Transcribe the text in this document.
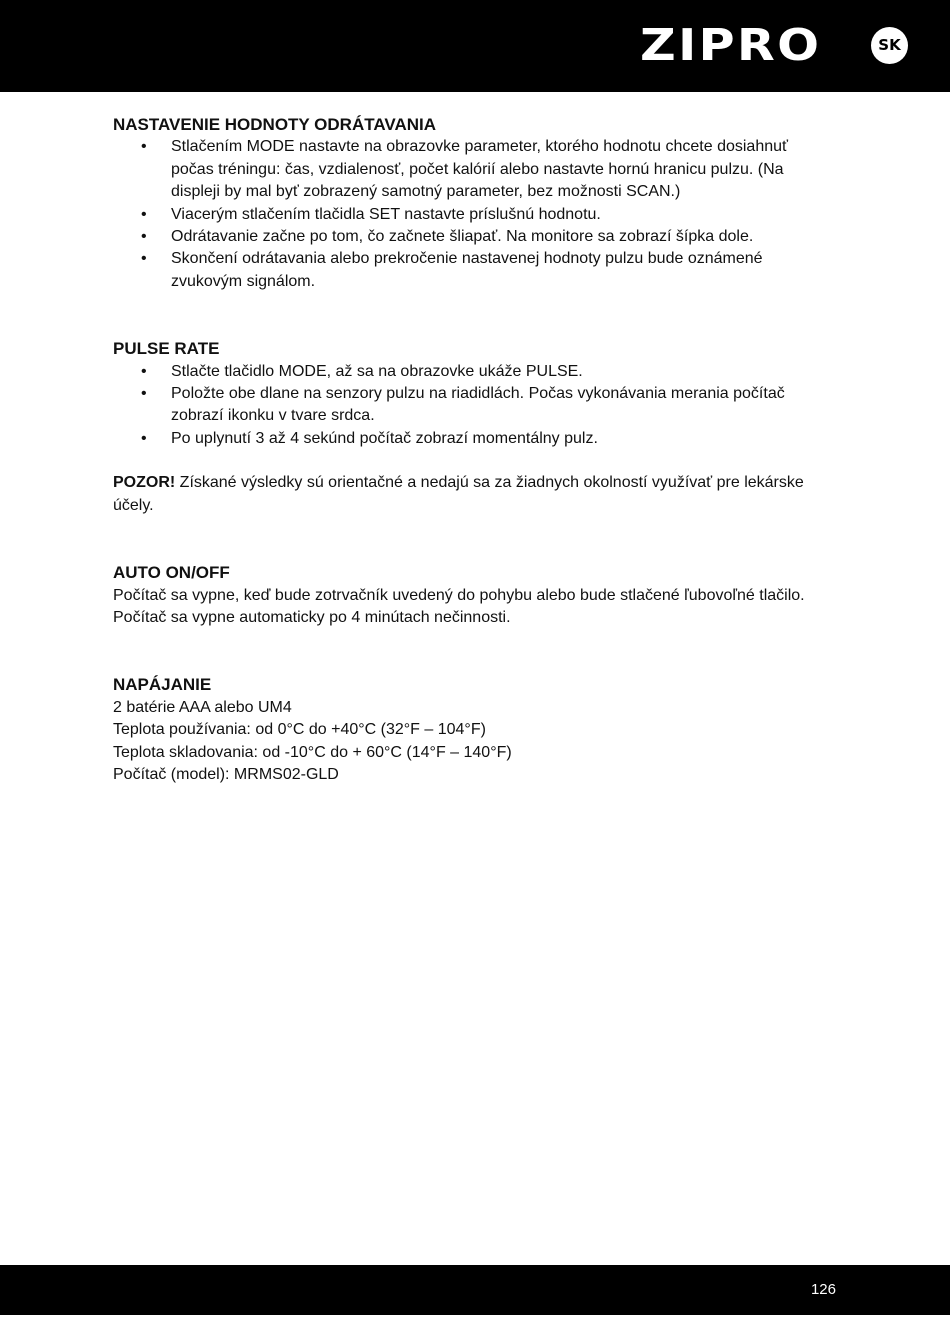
ZIPRO	SK
NASTAVENIE HODNOTY ODRÁTAVANIA
• Stlačením MODE nastavte na obrazovke parameter, ktorého hodnotu chcete dosiahnuť počas tréningu: čas, vzdialenosť, počet kalórií alebo nastavte hornú hranicu pulzu. (Na displeji by mal byť zobrazený samotný parameter, bez možnosti SCAN.)
• Viacerým stlačením tlačidla SET nastavte príslušnú hodnotu.
• Odrátavanie začne po tom, čo začnete šliapať. Na monitore sa zobrazí šípka dole.
• Skončení odrátavania alebo prekročenie nastavenej hodnoty pulzu bude oznámené zvukovým signálom.
PULSE RATE
• Stlačte tlačidlo MODE, až sa na obrazovke ukáže PULSE.
• Položte obe dlane na senzory pulzu na riadidlách. Počas vykonávania merania počítač zobrazí ikonku v tvare srdca.
• Po uplynutí 3 až 4 sekúnd počítač zobrazí momentálny pulz.

POZOR! Získané výsledky sú orientačné a nedajú sa za žiadnych okolností využívať pre lekárske účely.

AUTO ON/OFF

Počítač sa vypne, keď bude zotrvačník uvedený do pohybu alebo bude stlačené ľubovoľné tlačilo.

Počítač sa vypne automaticky po 4 minútach nečinnosti.

NAPÁJANIE

2 batérie AAA alebo UM4

Teplota používania: od 0°C do +40°C (32°F – 104°F)

Teplota skladovania: od -10°C do + 60°C (14°F – 140°F)

Počítač (model): MRMS02-GLD

126
